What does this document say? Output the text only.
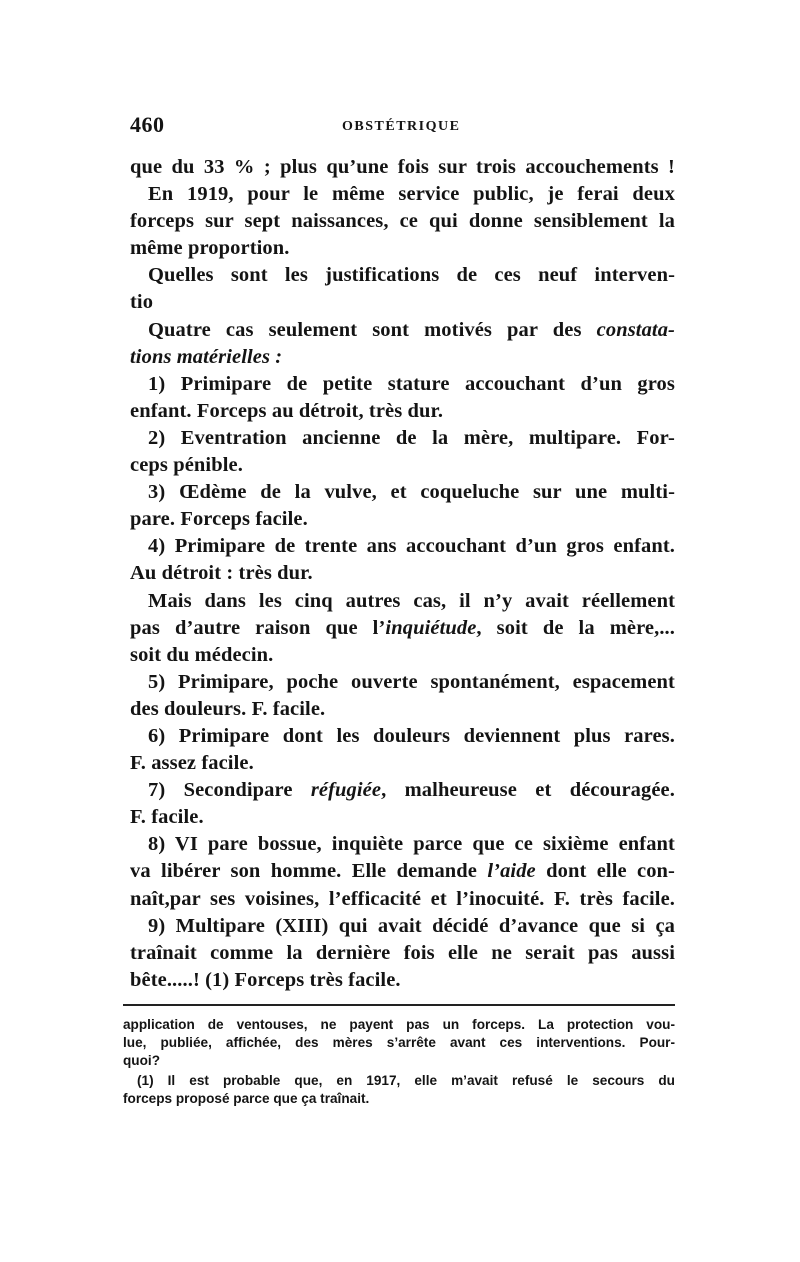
460	OBSTÉTRIQUE
que du 33 % ; plus qu’une fois sur trois accouchements !
En 1919, pour le même service public, je ferai deux
forceps sur sept naissances, ce qui donne sensiblement la
même proportion.
Quelles sont les justifications de ces neuf interven-
tio
Quatre cas seulement sont motivés par des constata-
tions matérielles :
1) Primipare de petite stature accouchant d’un gros
enfant. Forceps au détroit, très dur.
2) Eventration ancienne de la mère, multipare. For-
ceps pénible.
3) Œdème de la vulve, et coqueluche sur une multi-
pare. Forceps facile.
4) Primipare de trente ans accouchant d’un gros enfant.
Au détroit : très dur.
Mais dans les cinq autres cas, il n’y avait réellement
pas d’autre raison que l’inquiétude, soit de la mère,...
soit du médecin.
5) Primipare, poche ouverte spontanément, espacement
des douleurs. F. facile.
6) Primipare dont les douleurs deviennent plus rares.
F. assez facile.
7) Secondipare réfugiée, malheureuse et découragée.
F. facile.
8) VI pare bossue, inquiète parce que ce sixième enfant
va libérer son homme. Elle demande l’aide dont elle con-
naît,par ses voisines, l’efficacité et l’inocuité. F. très facile.
9) Multipare (XIII) qui avait décidé d’avance que si ça
traînait comme la dernière fois elle ne serait pas aussi
bête.....! (1) Forceps très facile.
application de ventouses, ne payent pas un forceps. La protection vou-
lue, publiée, affichée, des mères s’arrête avant ces interventions. Pour-
quoi?
(1) Il est probable que, en 1917, elle m’avait refusé le secours du
forceps proposé parce que ça traînait.
